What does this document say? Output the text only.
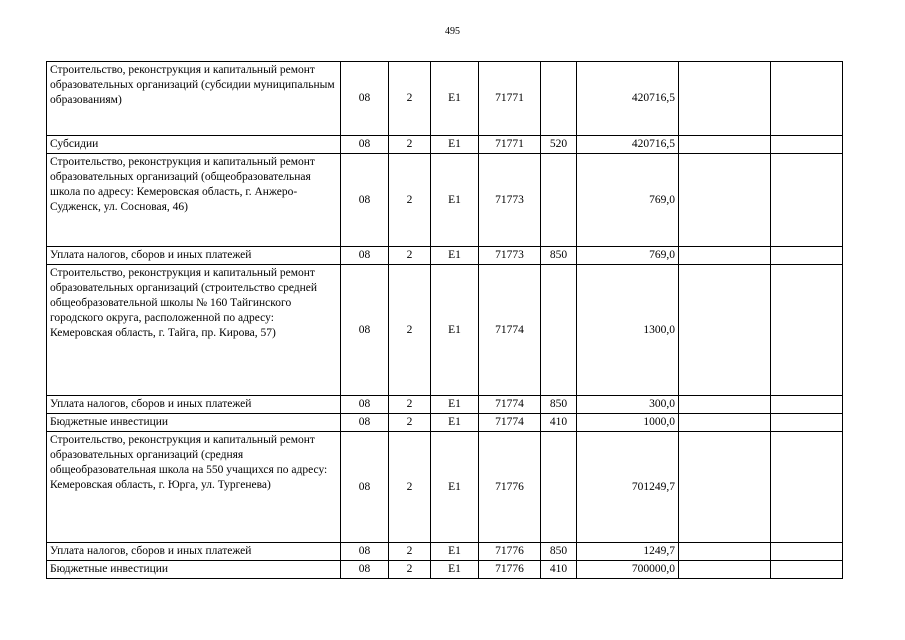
495
Строительство, реконструкция и капитальный ремонт образовательных организаций (субсидии муниципальным образованиям)	08	2	E1	71771		420716,5		
Субсидии	08	2	E1	71771	520	420716,5		
Строительство, реконструкция и капитальный ремонт образовательных организаций (общеобразовательная школа по адресу: Кемеровская область, г. Анжеро-Судженск, ул. Сосновая, 46)	08	2	E1	71773		769,0		
Уплата налогов, сборов и иных платежей	08	2	E1	71773	850	769,0		
Строительство, реконструкция и капитальный ремонт образовательных организаций (строительство средней общеобразовательной школы № 160 Тайгинского городского округа, расположенной по адресу: Кемеровская область, г. Тайга, пр. Кирова, 57)	08	2	E1	71774		1300,0		
Уплата налогов, сборов и иных платежей	08	2	E1	71774	850	300,0		
Бюджетные инвестиции	08	2	E1	71774	410	1000,0		
Строительство, реконструкция и капитальный ремонт образовательных организаций (средняя общеобразовательная школа на 550 учащихся по адресу: Кемеровская область, г. Юрга, ул. Тургенева)	08	2	E1	71776		701249,7		
Уплата налогов, сборов и иных платежей	08	2	E1	71776	850	1249,7		
Бюджетные инвестиции	08	2	E1	71776	410	700000,0		
